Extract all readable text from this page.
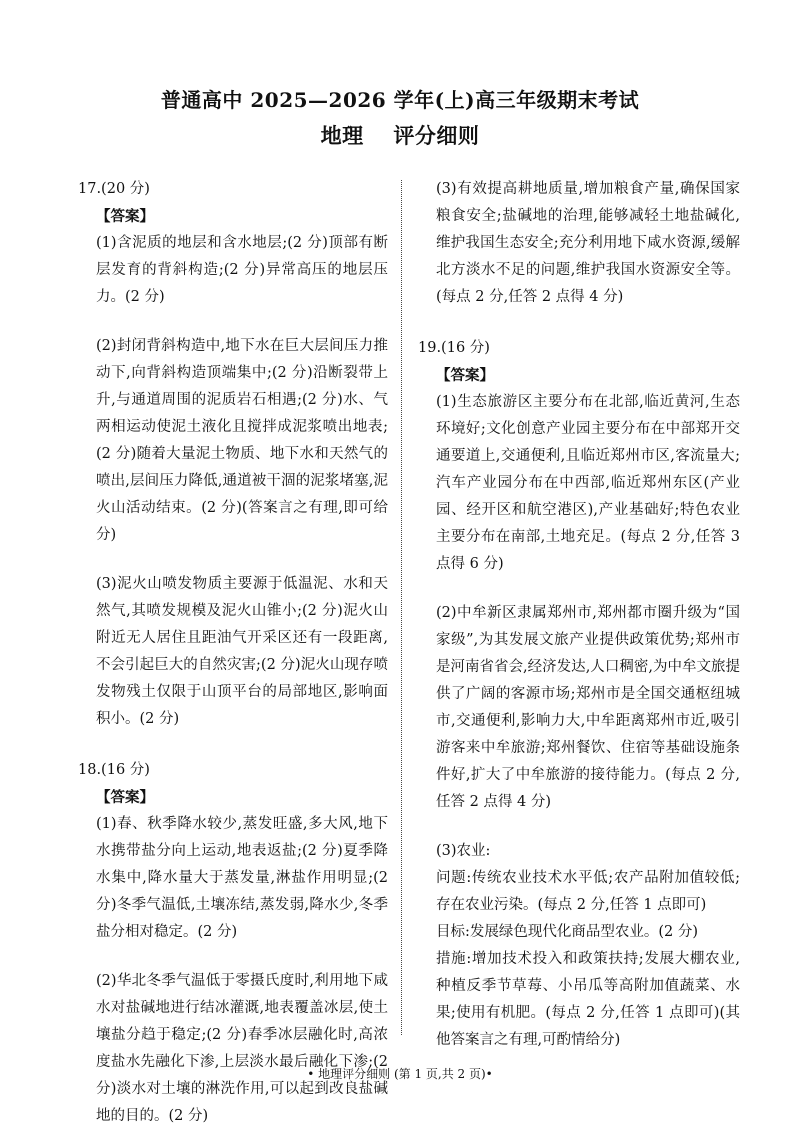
普通高中 2025—2026 学年(上)高三年级期末考试
地理 评分细则

17.(20 分)

【答案】

(1)含泥质的地层和含水地层;(2 分)顶部有断层发育的背斜构造;(2 分)异常高压的地层压力。(2 分)

(2)封闭背斜构造中,地下水在巨大层间压力推动下,向背斜构造顶端集中;(2 分)沿断裂带上升,与通道周围的泥质岩石相遇;(2 分)水、气两相运动使泥土液化且搅拌成泥浆喷出地表;(2 分)随着大量泥土物质、地下水和天然气的喷出,层间压力降低,通道被干涸的泥浆堵塞,泥火山活动结束。(2 分)(答案言之有理,即可给分)

(3)泥火山喷发物质主要源于低温泥、水和天然气,其喷发规模及泥火山锥小;(2 分)泥火山附近无人居住且距油气开采区还有一段距离,不会引起巨大的自然灾害;(2 分)泥火山现存喷发物残土仅限于山顶平台的局部地区,影响面积小。(2 分)

18.(16 分)

【答案】

(1)春、秋季降水较少,蒸发旺盛,多大风,地下水携带盐分向上运动,地表返盐;(2 分)夏季降水集中,降水量大于蒸发量,淋盐作用明显;(2 分)冬季气温低,土壤冻结,蒸发弱,降水少,冬季盐分相对稳定。(2 分)

(2)华北冬季气温低于零摄氏度时,利用地下咸水对盐碱地进行结冰灌溉,地表覆盖冰层,使土壤盐分趋于稳定;(2 分)春季冰层融化时,高浓度盐水先融化下渗,上层淡水最后融化下渗;(2 分)淡水对土壤的淋洗作用,可以起到改良盐碱地的目的。(2 分)

(3)有效提高耕地质量,增加粮食产量,确保国家粮食安全;盐碱地的治理,能够减轻土地盐碱化,维护我国生态安全;充分利用地下咸水资源,缓解北方淡水不足的问题,维护我国水资源安全等。(每点 2 分,任答 2 点得 4 分)

19.(16 分)

【答案】

(1)生态旅游区主要分布在北部,临近黄河,生态环境好;文化创意产业园主要分布在中部郑开交通要道上,交通便利,且临近郑州市区,客流量大;汽车产业园分布在中西部,临近郑州东区(产业园、经开区和航空港区),产业基础好;特色农业主要分布在南部,土地充足。(每点 2 分,任答 3 点得 6 分)

(2)中牟新区隶属郑州市,郑州都市圈升级为“国家级”,为其发展文旅产业提供政策优势;郑州市是河南省省会,经济发达,人口稠密,为中牟文旅提供了广阔的客源市场;郑州市是全国交通枢纽城市,交通便利,影响力大,中牟距离郑州市近,吸引游客来中牟旅游;郑州餐饮、住宿等基础设施条件好,扩大了中牟旅游的接待能力。(每点 2 分,任答 2 点得 4 分)

(3)农业:

问题:传统农业技术水平低;农产品附加值较低;存在农业污染。(每点 2 分,任答 1 点即可)

目标:发展绿色现代化商品型农业。(2 分)

措施:增加技术投入和政策扶持;发展大棚农业,种植反季节草莓、小吊瓜等高附加值蔬菜、水果;使用有机肥。(每点 2 分,任答 1 点即可)(其他答案言之有理,可酌情给分)

• 地理评分细则 (第 1 页,共 2 页)•
